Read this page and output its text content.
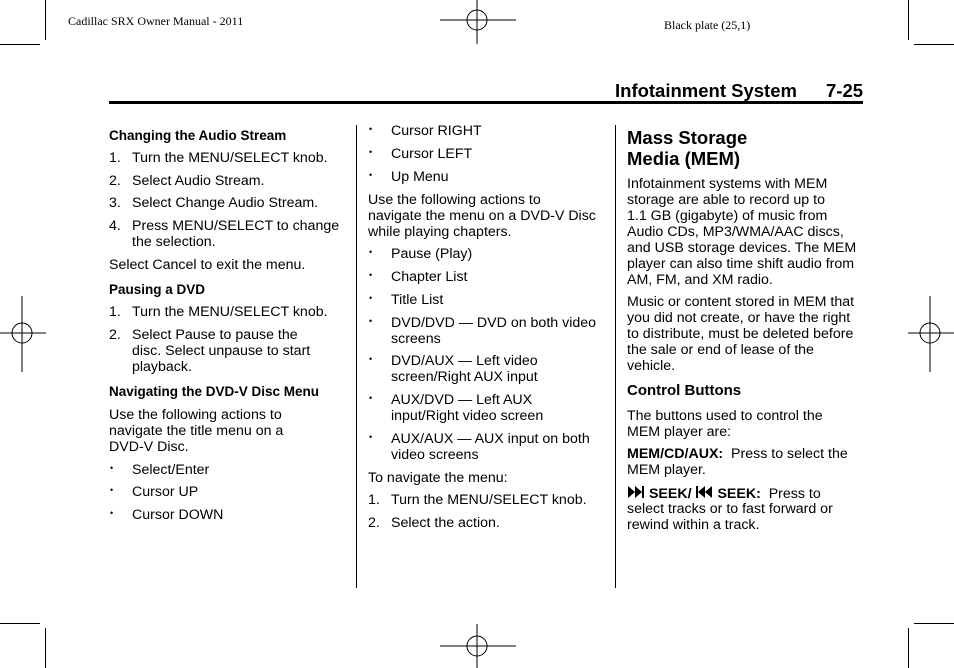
Cadillac SRX Owner Manual - 2011	Black plate (25,1)
Infotainment System 7-25
Changing the Audio Stream
1. Turn the MENU/SELECT knob.
2. Select Audio Stream.
3. Select Change Audio Stream.
4. Press MENU/SELECT to change
the selection.
Select Cancel to exit the menu.
Pausing a DVD
1. Turn the MENU/SELECT knob.
2. Select Pause to pause the
disc. Select unpause to start
playback.
Navigating the DVD-V Disc Menu
Use the following actions to
navigate the title menu on a
DVD-V Disc.
• Select/Enter
• Cursor UP
• Cursor DOWN
• Cursor RIGHT
• Cursor LEFT
• Up Menu
Use the following actions to
navigate the menu on a DVD-V Disc
while playing chapters.
• Pause (Play)
• Chapter List
• Title List
• DVD/DVD — DVD on both video
screens
• DVD/AUX — Left video
screen/Right AUX input
• AUX/DVD — Left AUX
input/Right video screen
• AUX/AUX — AUX input on both
video screens
To navigate the menu:
1. Turn the MENU/SELECT knob.
2. Select the action.
Mass Storage
Media (MEM)
Infotainment systems with MEM
storage are able to record up to
1.1 GB (gigabyte) of music from
Audio CDs, MP3/WMA/AAC discs,
and USB storage devices. The MEM
player can also time shift audio from
AM, FM, and XM radio.
Music or content stored in MEM that
you did not create, or have the right
to distribute, must be deleted before
the sale or end of lease of the
vehicle.
Control Buttons
The buttons used to control the
MEM player are:
MEM/CD/AUX: Press to select the
MEM player.
SEEK/ SEEK: Press to
select tracks or to fast forward or
rewind within a track.
